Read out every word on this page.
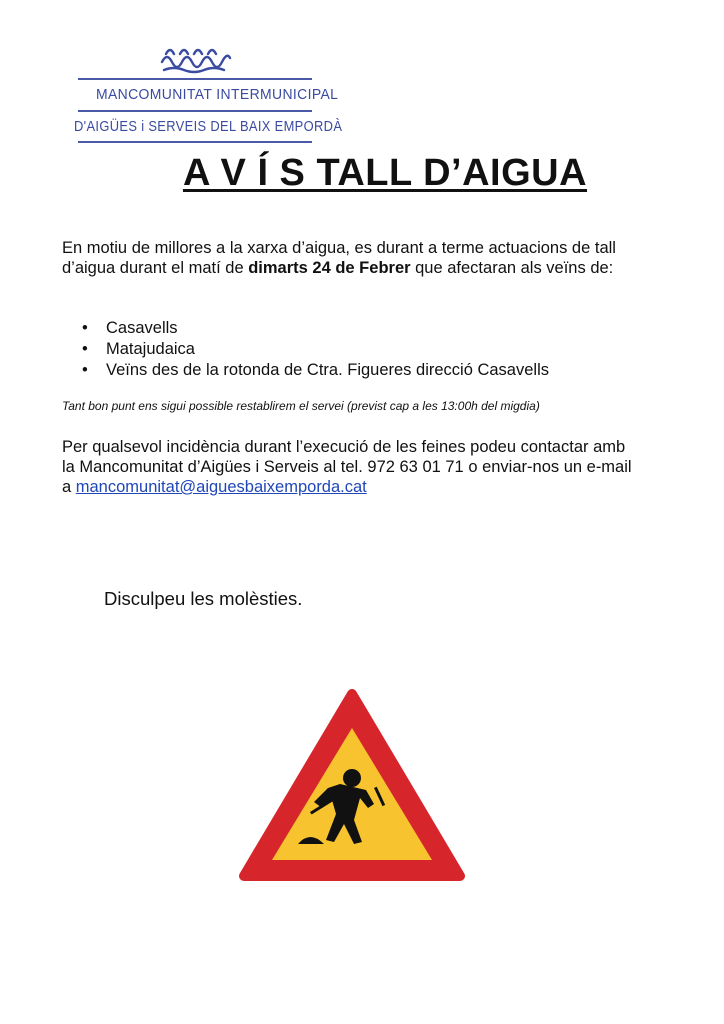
MANCOMUNITAT INTERMUNICIPAL
D'AIGÜES i SERVEIS DEL BAIX EMPORDÀ
A V Í S TALL D’AIGUA

En motiu de millores a la xarxa d’aigua, es durant a terme actuacions de tall d’aigua durant el matí de dimarts 24 de Febrer que afectaran als veïns de:

• Casavells
• Matajudaica
• Veïns des de la rotonda de Ctra. Figueres direcció Casavells
Tant bon punt ens sigui possible restablirem el servei (previst cap a les 13:00h del migdia)

Per qualsevol incidència durant l’execució de les feines podeu contactar amb la Mancomunitat d’Aigües i Serveis al tel. 972 63 01 71 o enviar-nos un e-mail a mancomunitat@aiguesbaixemporda.cat

Disculpeu les molèsties.
